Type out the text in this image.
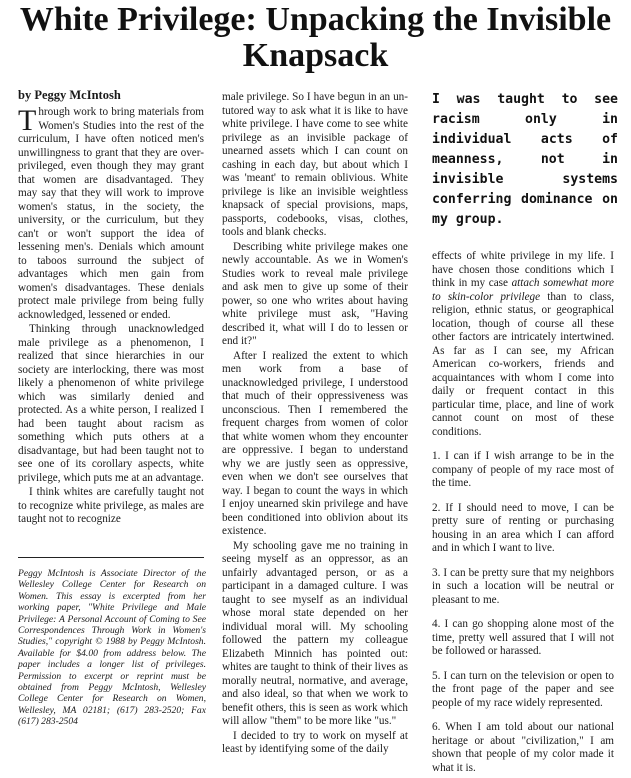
White Privilege: Unpacking the Invisible Knapsack
by Peggy McIntosh

Through work to bring materials from Women's Studies into the rest of the curriculum, I have often noticed men's unwillingness to grant that they are over-privileged, even though they may grant that women are disadvantaged. They may say that they will work to improve women's status, in the society, the university, or the curriculum, but they can't or won't support the idea of lessening men's. Denials which amount to taboos surround the subject of advantages which men gain from women's disadvantages. These denials protect male privilege from being fully acknowledged, lessened or ended.

Thinking through unacknowledged male privilege as a phenomenon, I realized that since hierarchies in our society are interlocking, there was most likely a phenomenon of white privilege which was similarly denied and protected. As a white person, I realized I had been taught about racism as something which puts others at a disadvantage, but had been taught not to see one of its corollary aspects, white privilege, which puts me at an advantage.

I think whites are carefully taught not to recognize white privilege, as males are taught not to recognize

Peggy McIntosh is Associate Director of the Wellesley College Center for Research on Women. This essay is excerpted from her working paper, "White Privilege and Male Privilege: A Personal Account of Coming to See Correspondences Through Work in Women's Studies," copyright © 1988 by Peggy McIntosh. Available for $4.00 from address below. The paper includes a longer list of privileges. Permission to excerpt or reprint must be obtained from Peggy McIntosh, Wellesley College Center for Research on Women, Wellesley, MA 02181; (617) 283-2520; Fax (617) 283-2504

male privilege. So I have begun in an un-tutored way to ask what it is like to have white privilege. I have come to see white privilege as an invisible package of unearned assets which I can count on cashing in each day, but about which I was 'meant' to remain oblivious. White privilege is like an invisible weightless knapsack of special provisions, maps, passports, codebooks, visas, clothes, tools and blank checks.

Describing white privilege makes one newly accountable. As we in Women's Studies work to reveal male privilege and ask men to give up some of their power, so one who writes about having white privilege must ask, "Having described it, what will I do to lessen or end it?"

After I realized the extent to which men work from a base of unacknowledged privilege, I understood that much of their oppressiveness was unconscious. Then I remembered the frequent charges from women of color that white women whom they encounter are oppressive. I began to understand why we are justly seen as oppressive, even when we don't see ourselves that way. I began to count the ways in which I enjoy unearned skin privilege and have been conditioned into oblivion about its existence.

My schooling gave me no training in seeing myself as an oppressor, as an unfairly advantaged person, or as a participant in a damaged culture. I was taught to see myself as an individual whose moral state depended on her individual moral will. My schooling followed the pattern my colleague Elizabeth Minnich has pointed out: whites are taught to think of their lives as morally neutral, normative, and average, and also ideal, so that when we work to benefit others, this is seen as work which will allow "them" to be more like "us."

I decided to try to work on myself at least by identifying some of the daily

I was taught to see racism only in individual acts of meanness, not in invisible systems conferring dominance on my group.

effects of white privilege in my life. I have chosen those conditions which I think in my case attach somewhat more to skin-color privilege than to class, religion, ethnic status, or geographical location, though of course all these other factors are intricately intertwined. As far as I can see, my African American co-workers, friends and acquaintances with whom I come into daily or frequent contact in this particular time, place, and line of work cannot count on most of these conditions.

1. I can if I wish arrange to be in the company of people of my race most of the time.

2. If I should need to move, I can be pretty sure of renting or purchasing housing in an area which I can afford and in which I want to live.

3. I can be pretty sure that my neighbors in such a location will be neutral or pleasant to me.

4. I can go shopping alone most of the time, pretty well assured that I will not be followed or harassed.

5. I can turn on the television or open to the front page of the paper and see people of my race widely represented.

6. When I am told about our national heritage or about "civilization," I am shown that people of my color made it what it is.
